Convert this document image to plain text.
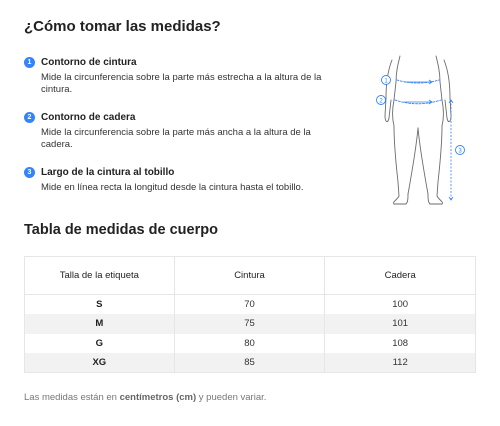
¿Cómo tomar las medidas?
1 Contorno de cintura
Mide la circunferencia sobre la parte más estrecha a la altura de la cintura.
2 Contorno de cadera
Mide la circunferencia sobre la parte más ancha a la altura de la cadera.
3 Largo de la cintura al tobillo
Mide en línea recta la longitud desde la cintura hasta el tobillo.
1
2
3
Tabla de medidas de cuerpo
Talla de la etiqueta	Cintura	Cadera
S	70	100
M	75	101
G	80	108
XG	85	112

Las medidas están en centímetros (cm) y pueden variar.
